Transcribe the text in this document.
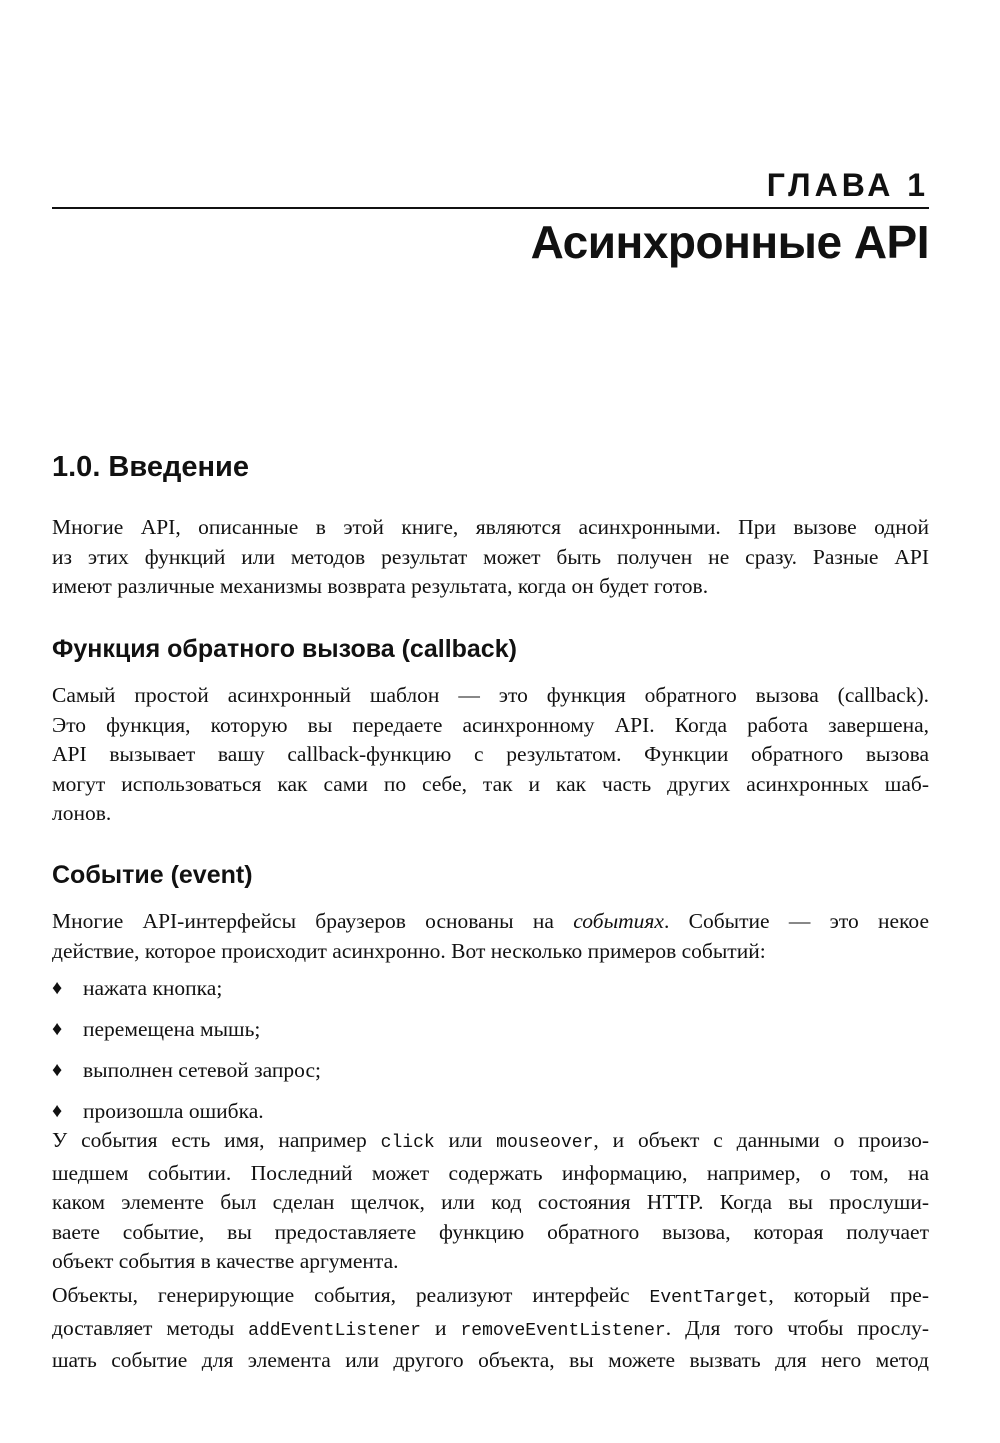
ГЛАВА 1
Асинхронные API
1.0. Введение

Многие API, описанные в этой книге, являются асинхронными. При вызове одной
из этих функций или методов результат может быть получен не сразу. Разные API
имеют различные механизмы возврата результата, когда он будет готов.

Функция обратного вызова (callback)

Самый простой асинхронный шаблон — это функция обратного вызова (callback).
Это функция, которую вы передаете асинхронному API. Когда работа завершена,
API вызывает вашу callback-функцию с результатом. Функции обратного вызова
могут использоваться как сами по себе, так и как часть других асинхронных шаб-
лонов.

Событие (event)

Многие API-интерфейсы браузеров основаны на событиях. Событие — это некое
действие, которое происходит асинхронно. Вот несколько примеров событий:

♦ нажата кнопка;
♦ перемещена мышь;
♦ выполнен сетевой запрос;
♦ произошла ошибка.

У события есть имя, например click или mouseover, и объект с данными о произо-
шедшем событии. Последний может содержать информацию, например, о том, на
каком элементе был сделан щелчок, или код состояния HTTP. Когда вы прослуши-
ваете событие, вы предоставляете функцию обратного вызова, которая получает
объект события в качестве аргумента.

Объекты, генерирующие события, реализуют интерфейс EventTarget, который пре-
доставляет методы addEventListener и removeEventListener. Для того чтобы прослу-
шать событие для элемента или другого объекта, вы можете вызвать для него метод
